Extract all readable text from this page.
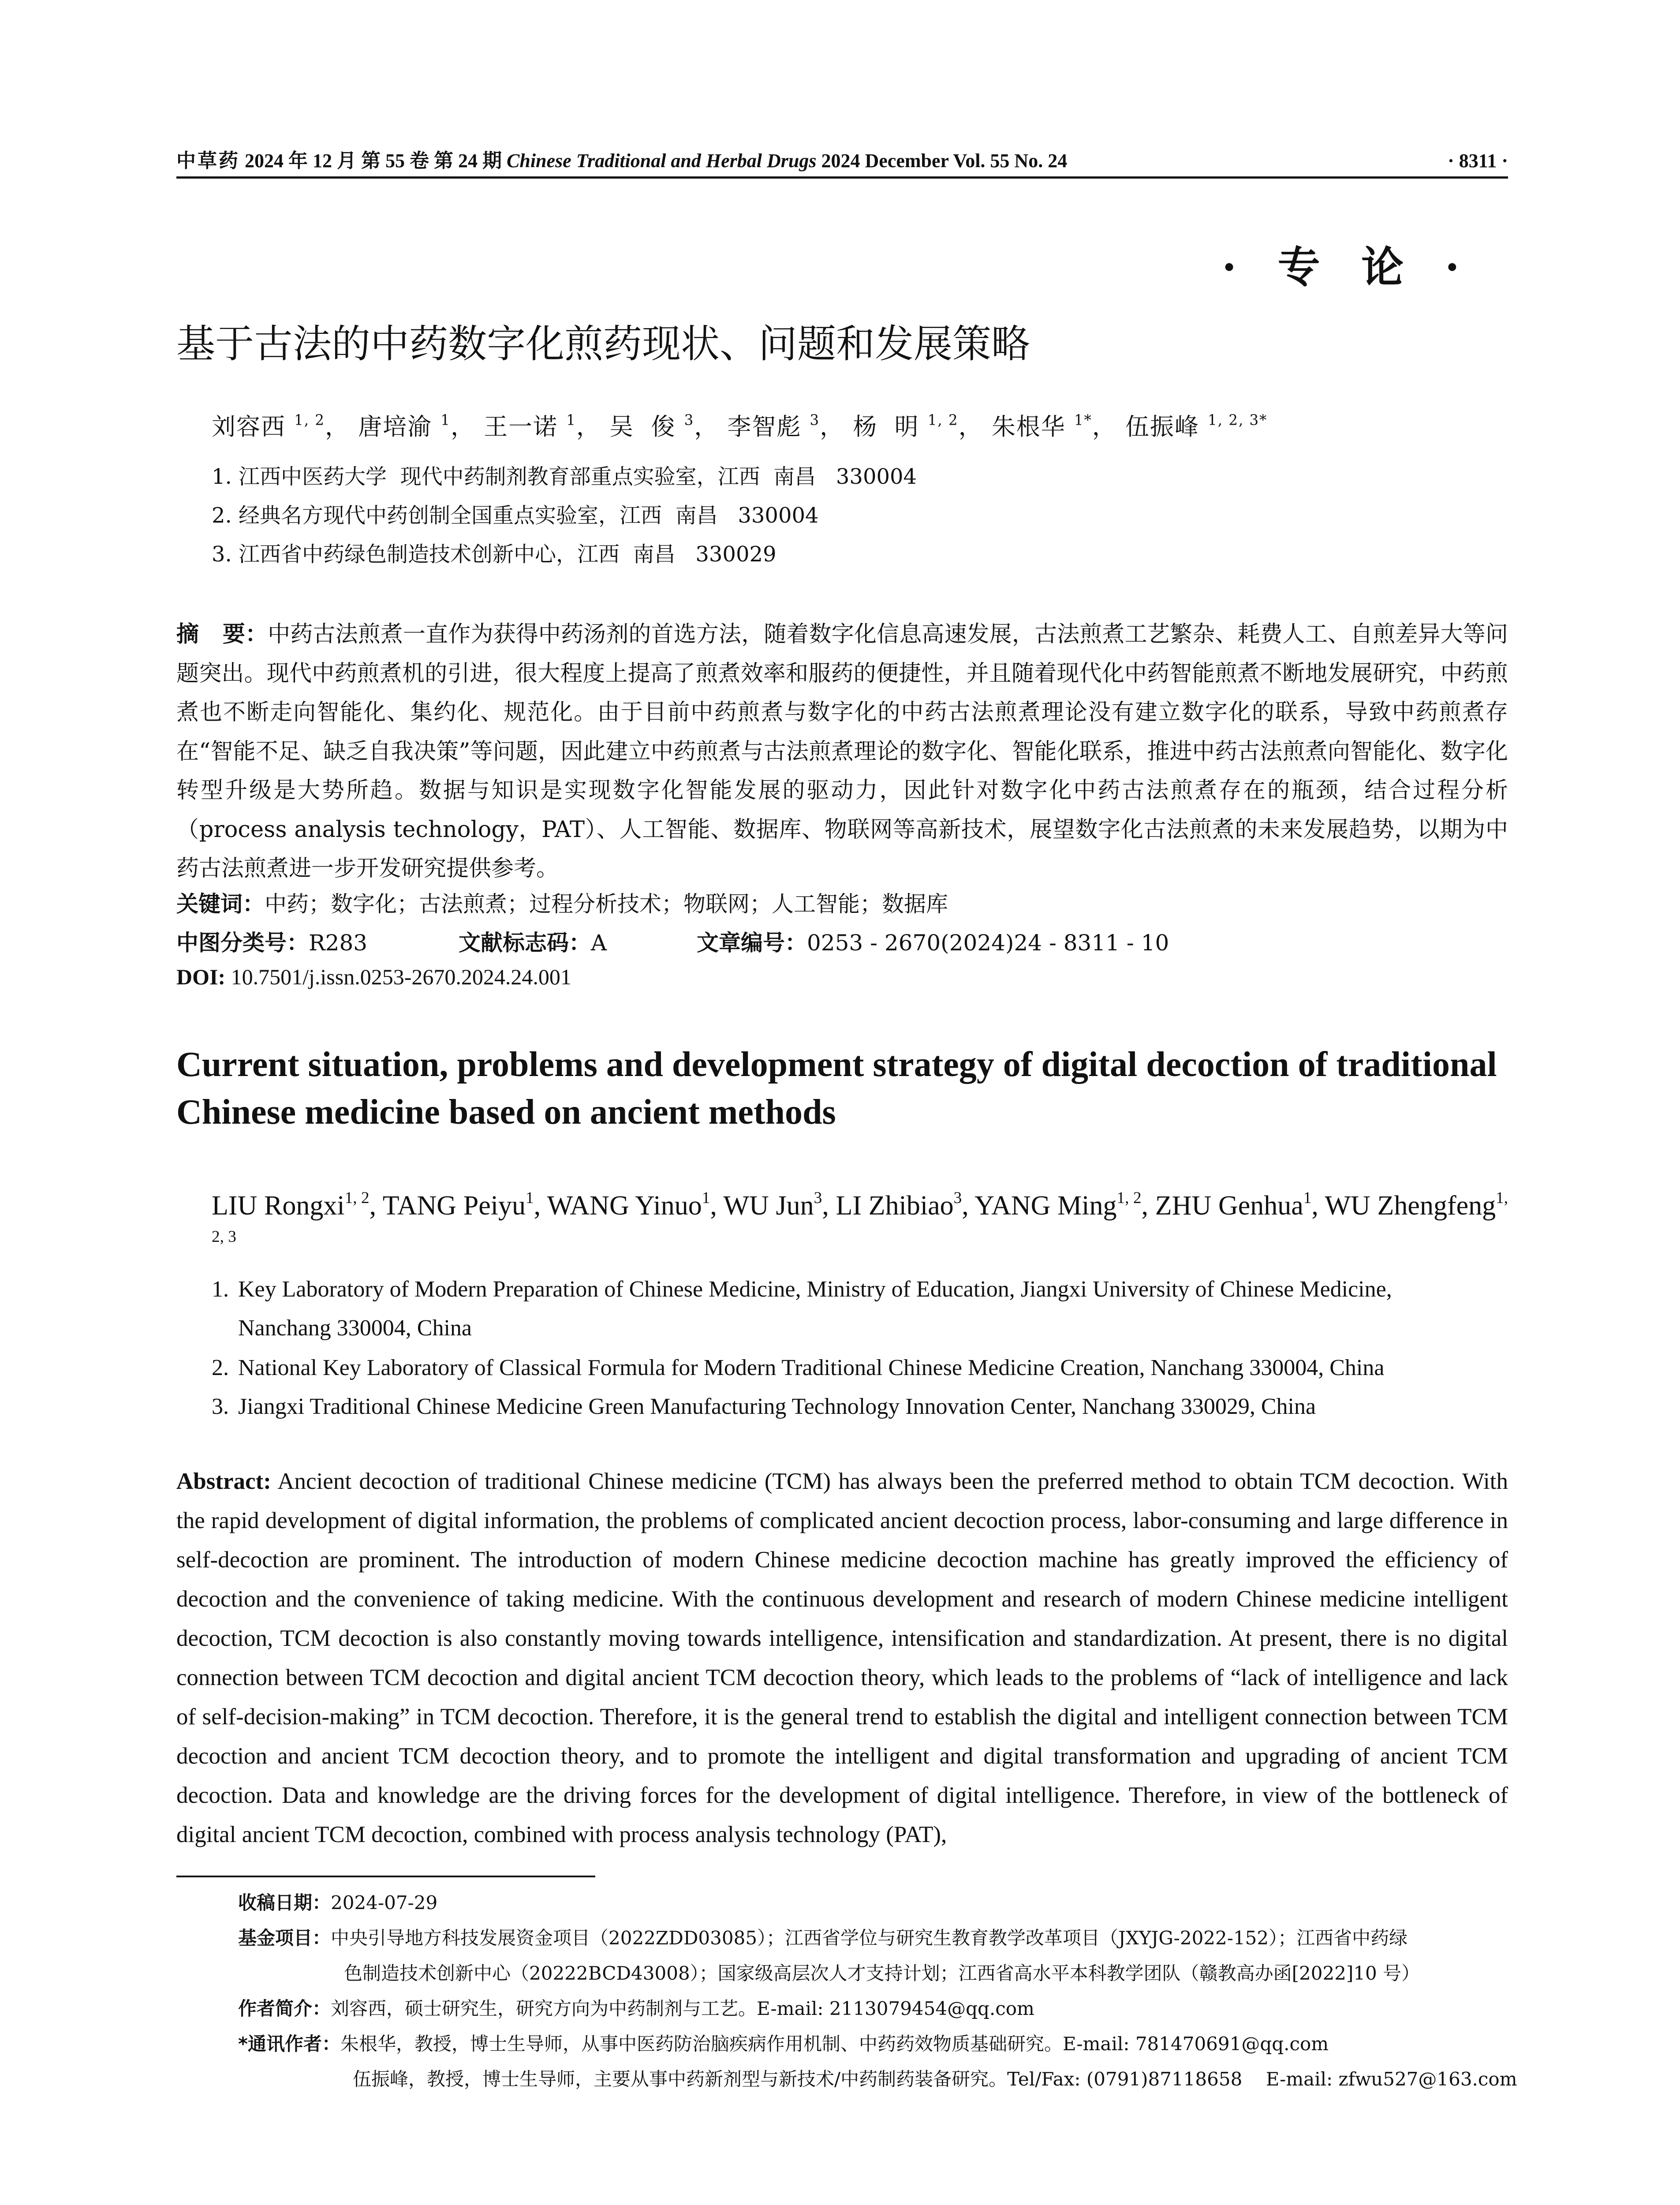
中草药 2024 年 12 月 第 55 卷 第 24 期 Chinese Traditional and Herbal Drugs 2024 December Vol. 55 No. 24	· 8311 ·
· 专 论 ·
基于古法的中药数字化煎药现状、问题和发展策略
刘容西 $^{1, 2}$， 唐培渝 $^1$， 王一诺 $^1$， 吴  俊 $^3$， 李智彪 $^3$， 杨  明 $^{1, 2}$， 朱根华 $^{1*}$， 伍振峰 $^{1, 2, 3*}$
1. 江西中医药大学  现代中药制剂教育部重点实验室，江西  南昌   330004
2. 经典名方现代中药创制全国重点实验室，江西  南昌   330004
3. 江西省中药绿色制造技术创新中心，江西  南昌   330029
摘   要：中药古法煎煮一直作为获得中药汤剂的首选方法，随着数字化信息高速发展，古法煎煮工艺繁杂、耗费人工、自煎差异大等问题突出。现代中药煎煮机的引进，很大程度上提高了煎煮效率和服药的便捷性，并且随着现代化中药智能煎煮不断地发展研究，中药煎煮也不断走向智能化、集约化、规范化。由于目前中药煎煮与数字化的中药古法煎煮理论没有建立数字化的联系，导致中药煎煮存在“智能不足、缺乏自我决策”等问题，因此建立中药煎煮与古法煎煮理论的数字化、智能化联系，推进中药古法煎煮向智能化、数字化转型升级是大势所趋。数据与知识是实现数字化智能发展的驱动力，因此针对数字化中药古法煎煮存在的瓶颈，结合过程分析（process analysis technology，PAT）、人工智能、数据库、物联网等高新技术，展望数字化古法煎煮的未来发展趋势，以期为中药古法煎煮进一步开发研究提供参考。
关键词：中药；数字化；古法煎煮；过程分析技术；物联网；人工智能；数据库
中图分类号：R283	文献标志码：A	文章编号：0253 - 2670(2024)24 - 8311 - 10
DOI: 10.7501/j.issn.0253-2670.2024.24.001
Current situation, problems and development strategy of digital decoction of traditional Chinese medicine based on ancient methods
LIU Rongxi$^{1, 2}$, TANG Peiyu$^1$, WANG Yinuo$^1$, WU Jun$^3$, LI Zhibiao$^3$, YANG Ming$^{1, 2}$, ZHU Genhua$^1$, WU Zhengfeng$^{1, 2, 3}$
1. Key Laboratory of Modern Preparation of Chinese Medicine, Ministry of Education, Jiangxi University of Chinese Medicine,
Nanchang 330004, China
2. National Key Laboratory of Classical Formula for Modern Traditional Chinese Medicine Creation, Nanchang 330004, China
3. Jiangxi Traditional Chinese Medicine Green Manufacturing Technology Innovation Center, Nanchang 330029, China
Abstract: Ancient decoction of traditional Chinese medicine (TCM) has always been the preferred method to obtain TCM decoction. With the rapid development of digital information, the problems of complicated ancient decoction process, labor-consuming and large difference in self-decoction are prominent. The introduction of modern Chinese medicine decoction machine has greatly improved the efficiency of decoction and the convenience of taking medicine. With the continuous development and research of modern Chinese medicine intelligent decoction, TCM decoction is also constantly moving towards intelligence, intensification and standardization. At present, there is no digital connection between TCM decoction and digital ancient TCM decoction theory, which leads to the problems of “lack of intelligence and lack of self-decision-making” in TCM decoction. Therefore, it is the general trend to establish the digital and intelligent connection between TCM decoction and ancient TCM decoction theory, and to promote the intelligent and digital transformation and upgrading of ancient TCM decoction. Data and knowledge are the driving forces for the development of digital intelligence. Therefore, in view of the bottleneck of digital ancient TCM decoction, combined with process analysis technology (PAT),
收稿日期：2024-07-29
基金项目：中央引导地方科技发展资金项目（2022ZDD03085）；江西省学位与研究生教育教学改革项目（JXYJG-2022-152）；江西省中药绿
色制造技术创新中心（20222BCD43008）；国家级高层次人才支持计划；江西省高水平本科教学团队（赣教高办函[2022]10 号）
作者简介：刘容西，硕士研究生，研究方向为中药制剂与工艺。E-mail: 2113079454@qq.com
*通讯作者：朱根华，教授，博士生导师，从事中医药防治脑疾病作用机制、中药药效物质基础研究。E-mail: 781470691@qq.com
伍振峰，教授，博士生导师，主要从事中药新剂型与新技术/中药制药装备研究。Tel/Fax: (0791)87118658    E-mail: zfwu527@163.com
